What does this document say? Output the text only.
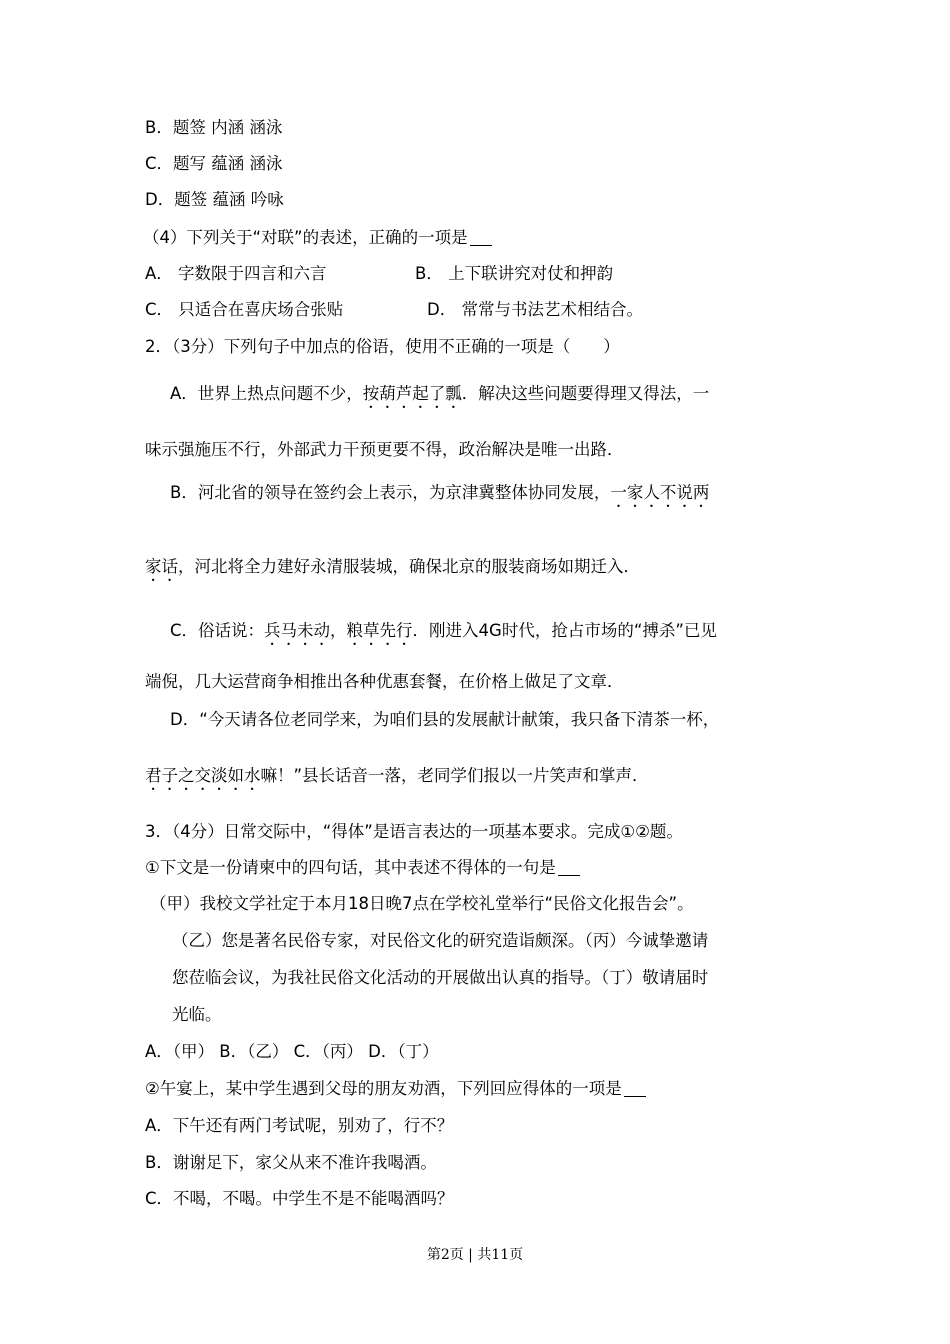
B．题签 内涵 涵泳
C．题写 蕴涵 涵泳
D．题签 蕴涵 吟咏
（4）下列关于“对联”的表述，正确的一项是
A． 字数限于四言和六言	B． 上下联讲究对仗和押韵
C． 只适合在喜庆场合张贴	D． 常常与书法艺术相结合。
2．（3分）下列句子中加点的俗语，使用不正确的一项是（　　）
A．世界上热点问题不少，按葫芦起了瓢．解决这些问题要得理又得法，一
味示强施压不行，外部武力干预更要不得，政治解决是唯一出路．
B．河北省的领导在签约会上表示，为京津冀整体协同发展，一家人不说两
家话，河北将全力建好永清服装城，确保北京的服装商场如期迁入．
C．俗话说：兵马未动，粮草先行．刚进入4G时代，抢占市场的“搏杀”已见
端倪，几大运营商争相推出各种优惠套餐，在价格上做足了文章．
D．“今天请各位老同学来，为咱们县的发展献计献策，我只备下清茶一杯，
君子之交淡如水嘛！”县长话音一落，老同学们报以一片笑声和掌声．
3．（4分）日常交际中，“得体”是语言表达的一项基本要求。完成①②题。
①下文是一份请柬中的四句话，其中表述不得体的一句是
（甲）我校文学社定于本月18日晚7点在学校礼堂举行“民俗文化报告会”。
（乙）您是著名民俗专家，对民俗文化的研究造诣颇深。（丙）今诚挚邀请
您莅临会议，为我社民俗文化活动的开展做出认真的指导。（丁）敬请届时
光临。
A．（甲） B．（乙） C．（丙） D．（丁）
②午宴上，某中学生遇到父母的朋友劝酒，下列回应得体的一项是
A．下午还有两门考试呢，别劝了，行不？
B．谢谢足下，家父从来不准许我喝酒。
C．不喝，不喝。中学生不是不能喝酒吗？
第2页 | 共11页
